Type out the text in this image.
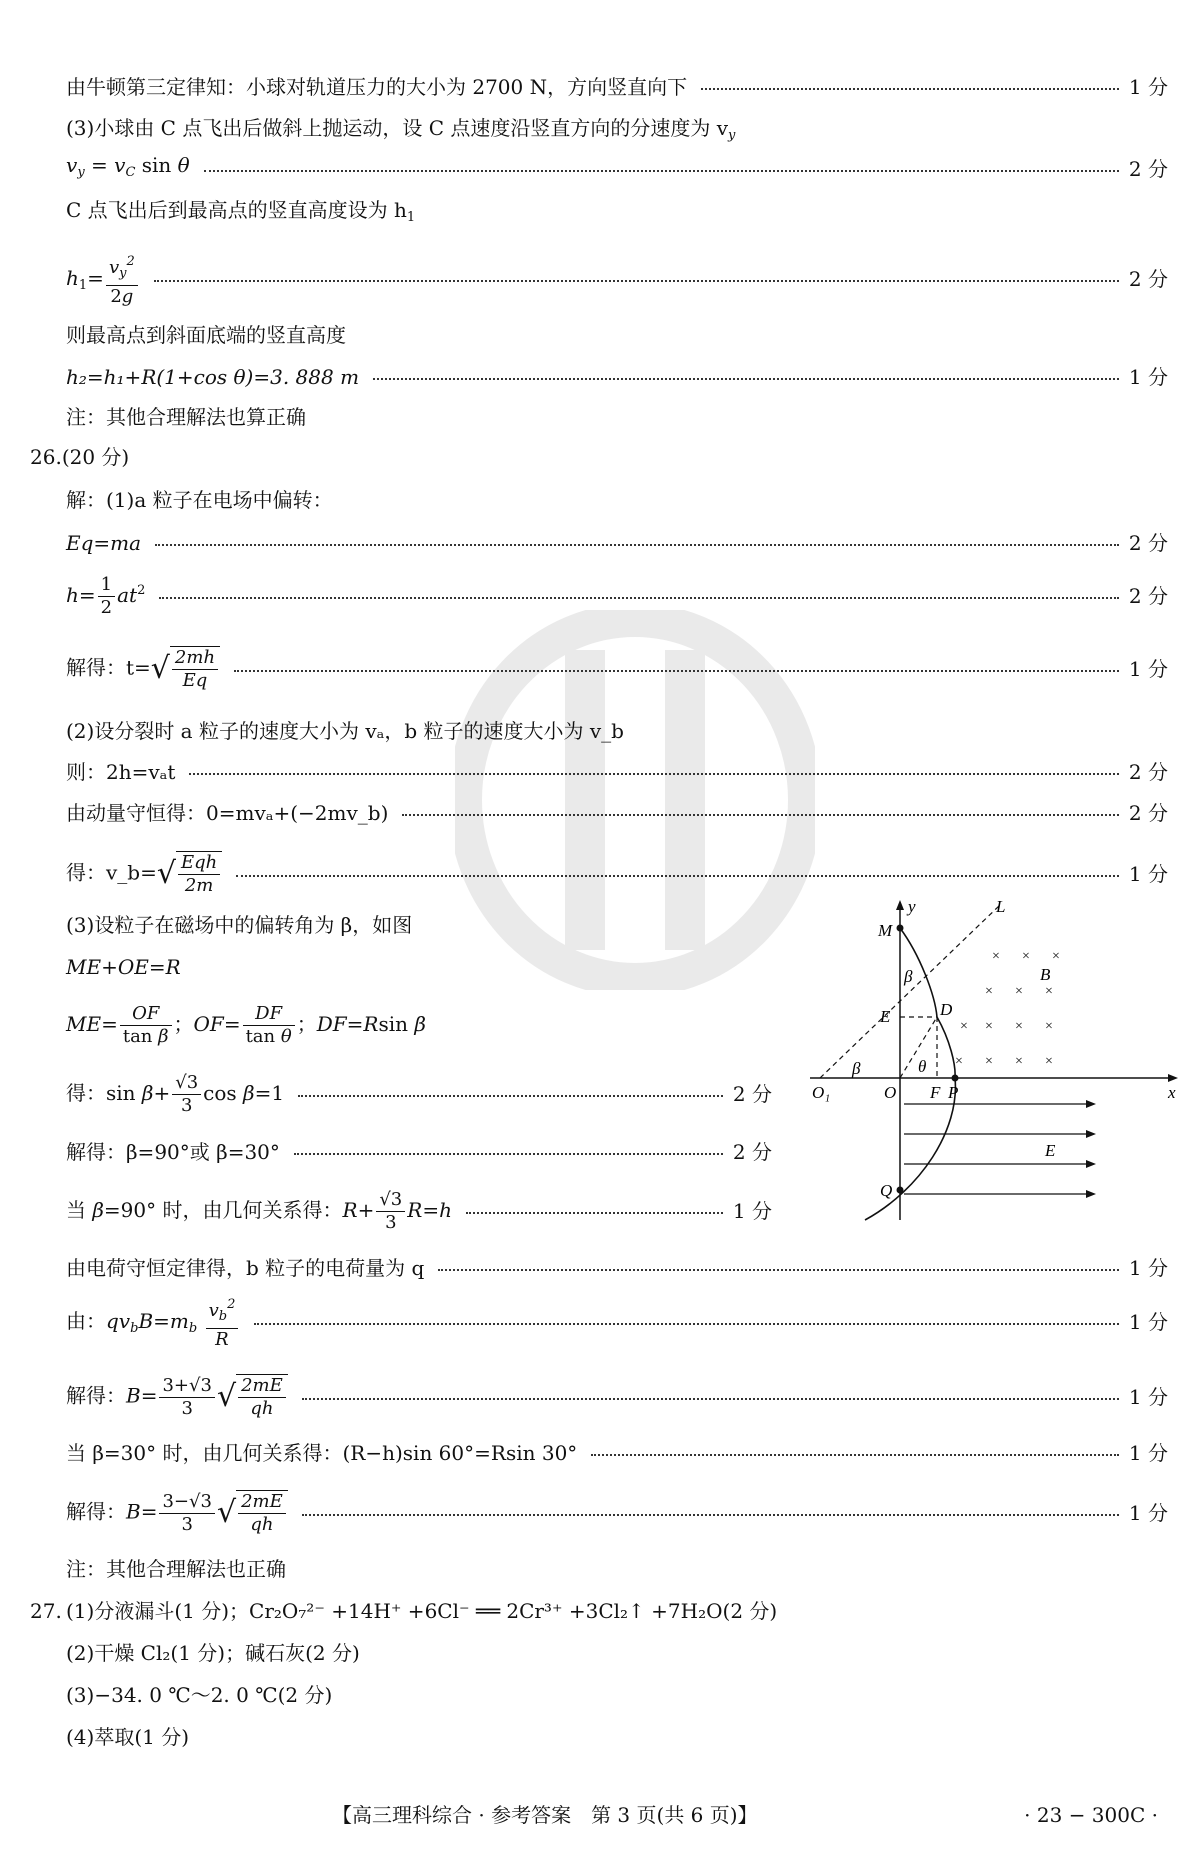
由牛顿第三定律知：小球对轨道压力的大小为 2700 N，方向竖直向下	1 分
(3)小球由 C 点飞出后做斜上抛运动，设 C 点速度沿竖直方向的分速度为 $v_y$
$v_y = v_C$ sin θ	2 分
C 点飞出后到最高点的竖直高度设为 $h_1$
$h_1= \frac{v_y^2}{2g}$	2 分
则最高点到斜面底端的竖直高度
h₂=h₁+R(1+cos θ)=3. 888 m	1 分
注：其他合理解法也算正确
26.(20 分)
解：(1)a 粒子在电场中偏转：
Eq=ma	2 分
$h= \frac{1}{2} at^2$	2 分
解得：$t=√ \frac{2mh}{Eq}$	1 分
(2)设分裂时 a 粒子的速度大小为 vₐ，b 粒子的速度大小为 v_b
则：2h=vₐt	2 分
由动量守恒得：0=mvₐ+(−2mv_b)	2 分
得：v_b=√ $\frac{\text{Eqh}}{2m}$	1 分
(3)设粒子在磁场中的偏转角为 β，如图
ME+OE=R
$ME= \frac{OF}{\text{tan β}}$ ；$OF= \frac{DF}{\text{tan θ}}$ ；DF=Rsin β
得：$\sin \beta+ \frac{√3}{3}$ cos β=1	2 分
解得：β=90°或 β=30°	2 分
当 β=90° 时，由几何关系得：$R+ \frac{√3}{3} R=h$	1 分
由电荷守恒定律得，b 粒子的电荷量为 q	1 分
由：$qv_bB=m_b \frac{v_b^2}{R}$	1 分
解得：$B= \frac{3+√3}{3}$ √ $\frac{2mE}{qh}$	1 分
当 β=30° 时，由几何关系得：(R−h)sin 60°=Rsin 30°	1 分
解得：$B= \frac{3-√3}{3}$ √ $\frac{2mE}{qh}$	1 分
注：其他合理解法也正确
27. (1)分液漏斗(1 分)；Cr₂O₇²⁻ +14H⁺ +6Cl⁻ ══ 2Cr³⁺ +3Cl₂↑ +7H₂O(2 分)
(2)干燥 Cl₂(1 分)；碱石灰(2 分)
(3)−34. 0 ℃～2. 0 ℃(2 分)
(4)萃取(1 分)
× × ×
× × ×
× × × ×
× × × ×
y
x
L
B
M
E	D
β
β	θ
O₁	O F P
E
Q
【高三理科综合 · 参考答案　第 3 页(共 6 页)】	· 23 − 300C ·
